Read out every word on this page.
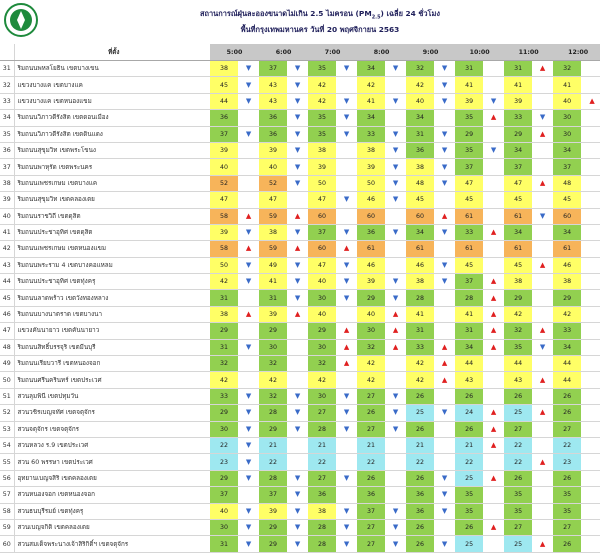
สถานการณ์ฝุ่นละอองขนาดไม่เกิน 2.5 ไมครอน $(PM_{2.5})$ เฉลี่ย 24 ชั่วโมง
พื้นที่กรุงเทพมหานคร วันที่ 20 พฤศจิกายน 2563
	ที่ตั้ง	5:00		6:00		7:00		8:00		9:00		10:00		11:00		12:00	
31	ริมถนนพหลโยธิน เขตบางเขน	38	▼	37	▼	35	▼	34	▼	32	▼	31		31	▲	32	
32	แขวงบางแค เขตบางแค	45	▼	43	▼	42		42		42	▼	41		41		41	
33	แขวงบางแค เขตหนองแขม	44	▼	43	▼	42	▼	41	▼	40	▼	39	▼	39		40	▲
34	ริมถนนวิภาวดีรังสิต เขตดอนเมือง	36		36	▼	35	▼	34		34		35	▲	33	▼	30	
35	ริมถนนวิภาวดีรังสิต เขตดินแดง	37	▼	36	▼	35	▼	33	▼	31	▼	29		29	▲	30	
36	ริมถนนสุขุมวิท เขตพระโขนง	39		39	▼	38		38	▼	36	▼	35	▼	34		34	
37	ริมถนนพาหุรัด เขตพระนคร	40		40	▼	39		39	▼	38	▼	37		37		37	
38	ริมถนนเพชรเกษม เขตบางแค	52		52	▼	50		50	▼	48	▼	47		47	▲	48	
39	ริมถนนสุขุมวิท เขตคลองเตย	47		47		47	▼	46	▼	45		45		45		45	
40	ริมถนนราชวิถี เขตดุสิต	58	▲	59	▲	60		60		60	▲	61		61	▼	60	
41	ริมถนนประชาอุทิศ เขตดุสิต	39	▼	38	▼	37	▼	36	▼	34	▼	33	▲	34		34	
42	ริมถนนเพชรเกษม เขตหนองแขม	58	▲	59	▲	60	▲	61		61		61		61		61	
43	ริมถนนพระราม 4 เขตบางคอแหลม	50	▼	49	▼	47	▼	46		46	▼	45		45	▲	46	
44	ริมถนนประชาอุทิศ เขตทุ่งครุ	42	▼	41	▼	40	▼	39	▼	38	▼	37	▲	38		38	
45	ริมถนนลาดพร้าว เขตวังทองหลาง	31		31	▼	30	▼	29	▼	28		28	▲	29		29	
46	ริมถนนบางนาตราด เขตบางนา	38	▲	39	▲	40		40	▲	41		41	▲	42		42	
47	แขวงคันนายาว เขตคันนายาว	29		29		29	▲	30	▲	31		31	▲	32	▲	33	
48	ริมถนนสิทธิ์บรรจุริ เขตมีนบุรี	31	▼	30		30	▲	32	▲	33	▲	34	▲	35	▼	34	
49	ริมถนนเรียบวารี เขตหนองจอก	32		32		32	▲	42		42	▲	44		44		44	
50	ริมถนนศรีนครินทร์ เขตประเวศ	42		42		42		42		42	▲	43		43	▲	44	
51	สวนลุมพินี เขตปทุมวัน	33	▼	32	▼	30	▼	27	▼	26		26		26		26	
52	สวนวชิรเบญจทัศ เขตจตุจักร	29	▼	28	▼	27	▼	26	▼	25	▼	24	▲	25	▲	26	
53	สวนจตุจักร เขตจตุจักร	30	▼	29	▼	28	▼	27	▼	26		26	▲	27		27	
54	สวนหลวง ร.9 เขตประเวศ	22	▼	21		21		21		21		21	▲	22		22	
55	สวน 60 พรรษา เขตประเวศ	23	▼	22		22		22		22		22		22	▲	23	
56	อุทยานเบญจสิริ เขตคลองเตย	29	▼	28	▼	27	▼	26		26	▼	25	▲	26		26	
57	สวนหนองจอก เขตหนองจอก	37		37	▼	36		36		36	▼	35		35		35	
58	สวนธนบุรีรมย์ เขตทุ่งครุ	40	▼	39	▼	38	▼	37	▼	36	▼	35		35		35	
59	สวนเบญจกิติ เขตคลองเตย	30	▼	29	▼	28	▼	27	▼	26		26	▲	27		27	
60	สวนสมเด็จพระนางเจ้าสิริกิติ์ฯ เขตจตุจักร	31	▼	29	▼	28	▼	27	▼	26	▼	25		25	▲	26	
